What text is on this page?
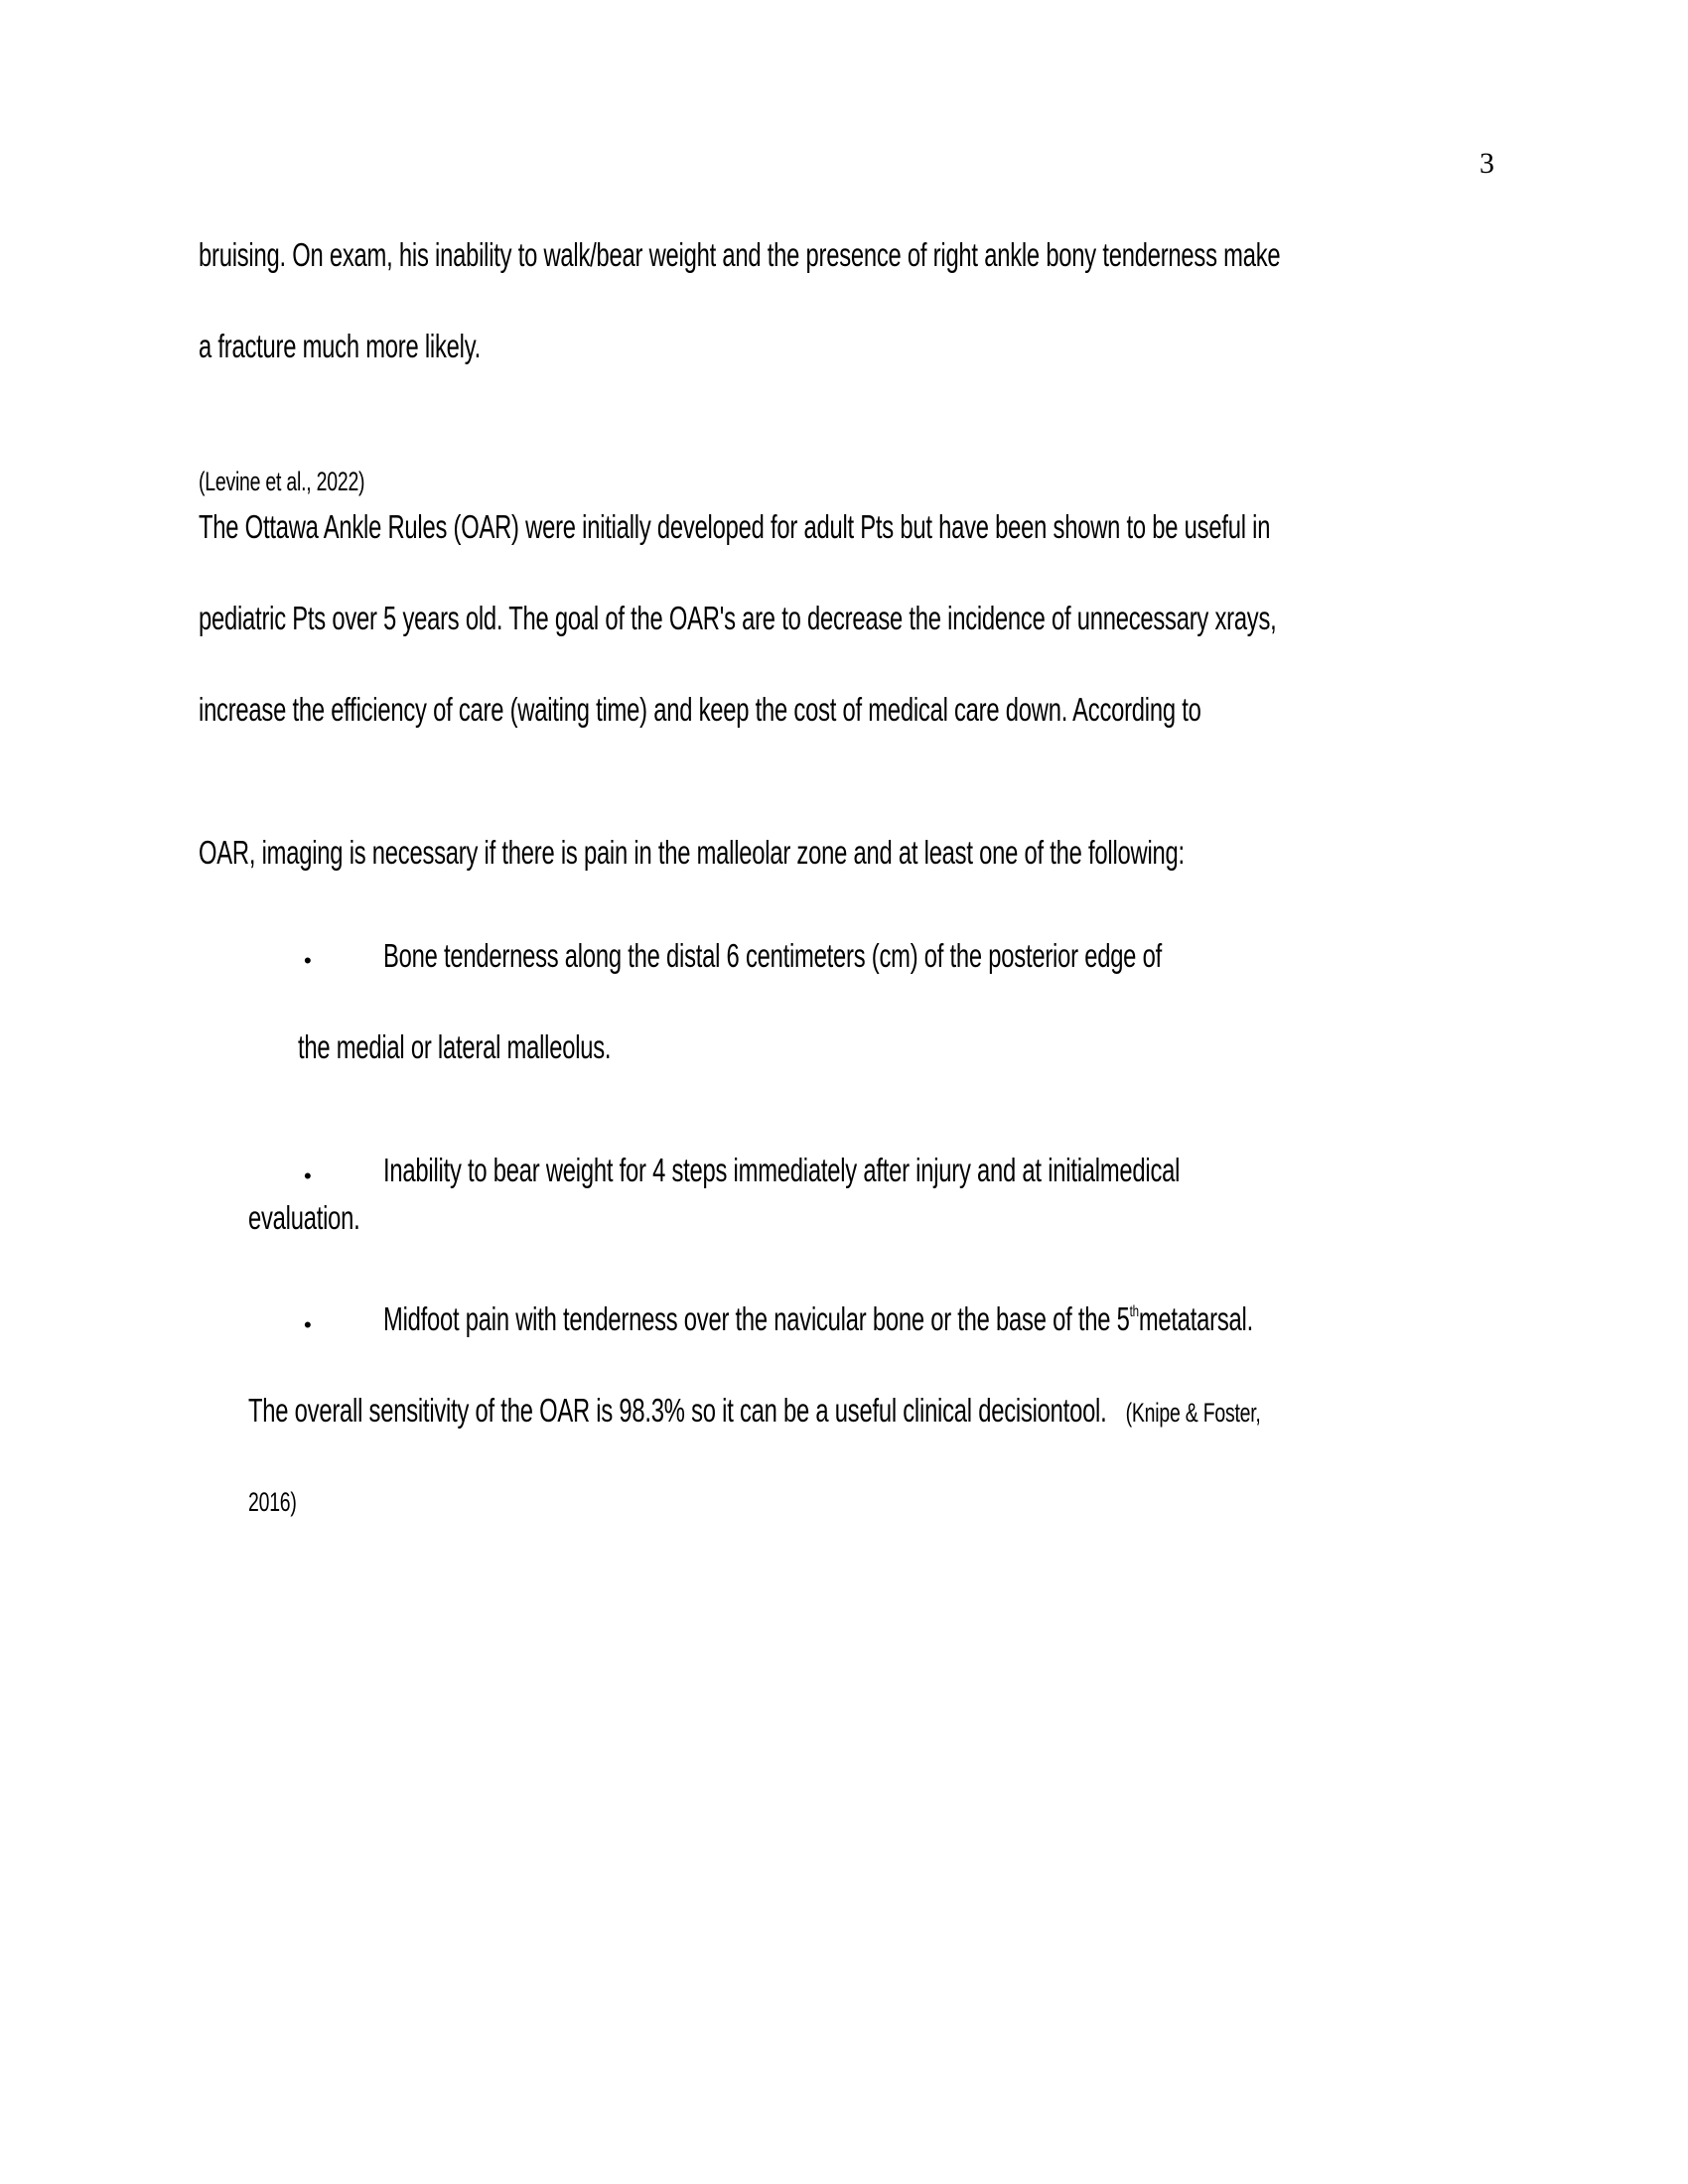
3
bruising. On exam, his inability to walk/bear weight and the presence of right ankle bony tenderness make
a fracture much more likely.
(Levine et al., 2022)
The Ottawa Ankle Rules (OAR) were initially developed for adult Pts but have been shown to be useful in
pediatric Pts over 5 years old. The goal of the OAR's are to decrease the incidence of unnecessary xrays,
increase the efficiency of care (waiting time) and keep the cost of medical care down. According to
OAR, imaging is necessary if there is pain in the malleolar zone and at least one of the following:
• Bone tenderness along the distal 6 centimeters (cm) of the posterior edge of
the medial or lateral malleolus.
• Inability to bear weight for 4 steps immediately after injury and at initialmedical
evaluation.
• Midfoot pain with tenderness over the navicular bone or the base of the 5thmetatarsal.
The overall sensitivity of the OAR is 98.3% so it can be a useful clinical decisiontool. (Knipe & Foster,
2016)
